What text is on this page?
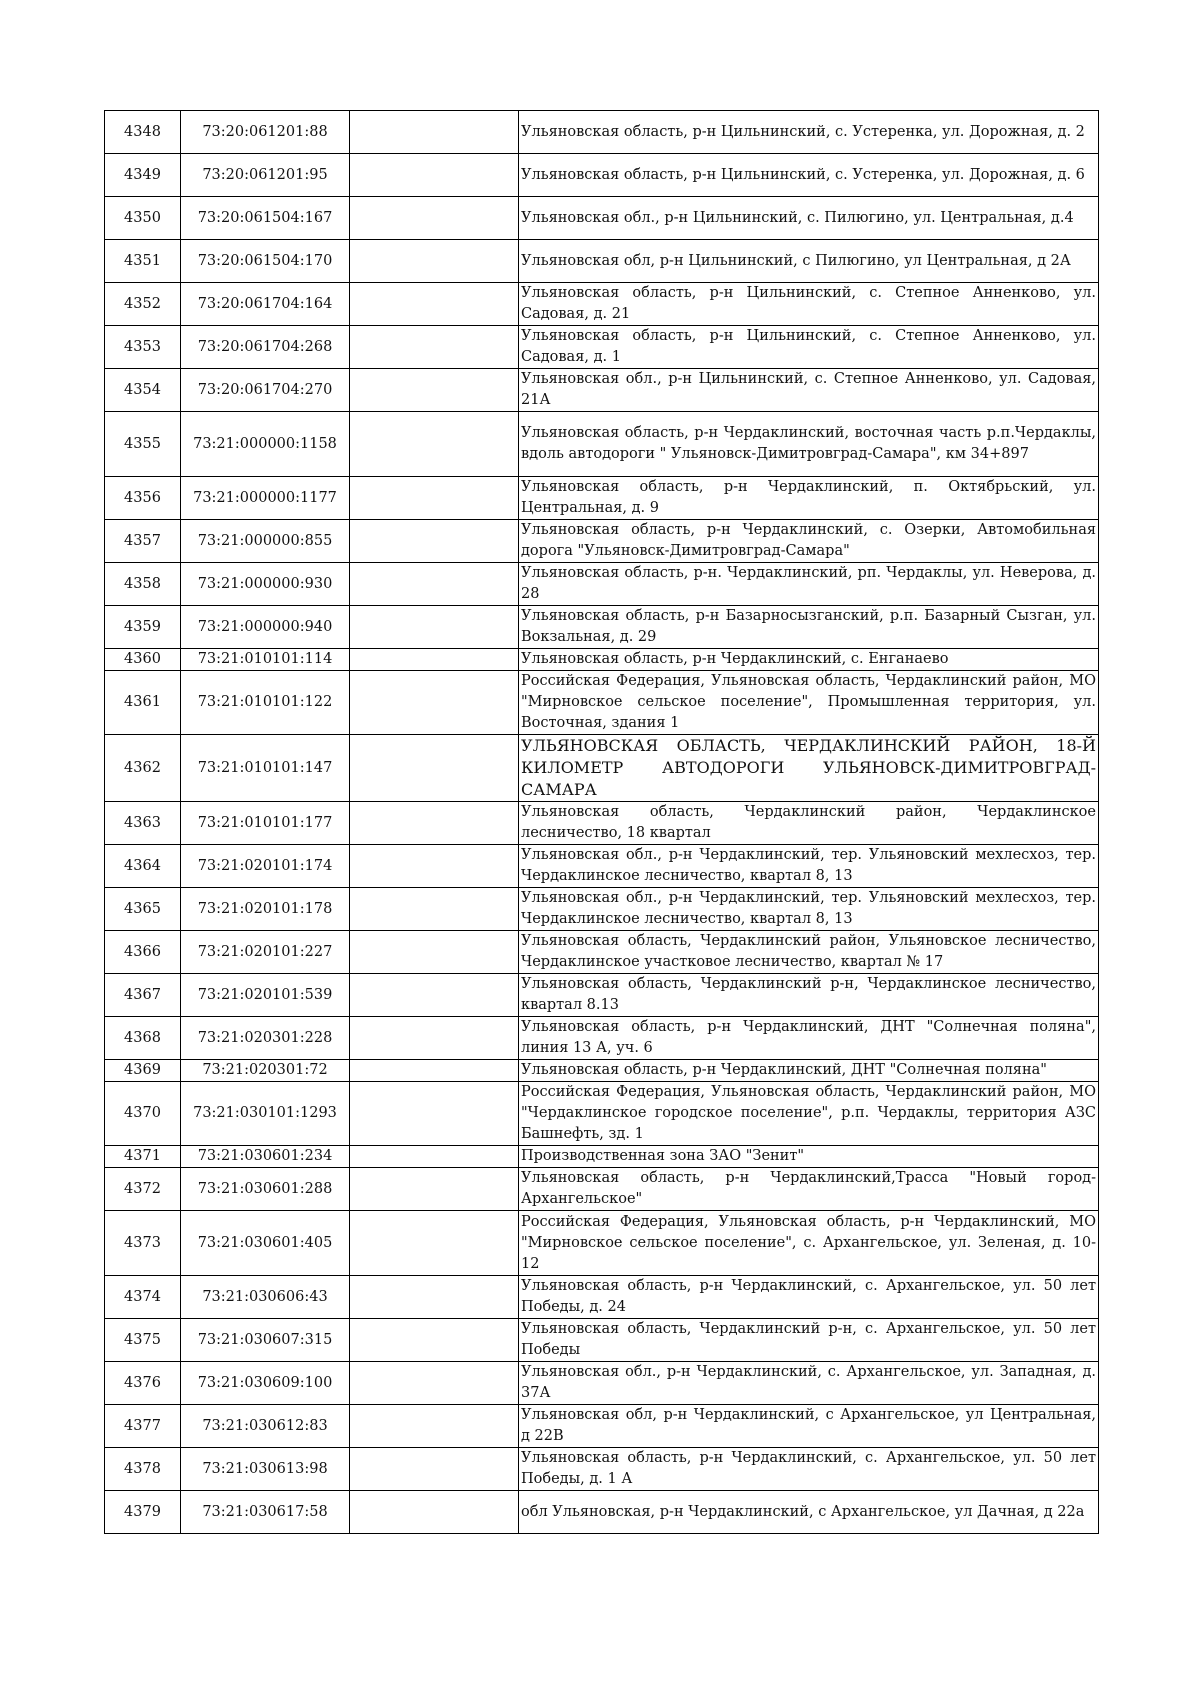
4348	73:20:061201:88		Ульяновская область, р-н Цильнинский, с. Устеренка, ул. Дорожная, д. 2
4349	73:20:061201:95		Ульяновская область, р-н Цильнинский, с. Устеренка, ул. Дорожная, д. 6
4350	73:20:061504:167		Ульяновская обл., р-н Цильнинский, с. Пилюгино, ул. Центральная, д.4
4351	73:20:061504:170		Ульяновская обл, р-н Цильнинский, с Пилюгино, ул Центральная, д 2А
4352	73:20:061704:164		Ульяновская область, р-н Цильнинский, с. Степное Анненково, ул. Садовая, д. 21
4353	73:20:061704:268		Ульяновская область, р-н Цильнинский, с. Степное Анненково, ул. Садовая, д. 1
4354	73:20:061704:270		Ульяновская обл., р-н Цильнинский, с. Степное Анненково, ул. Садовая, 21А
4355	73:21:000000:1158		Ульяновская область, р-н Чердаклинский, восточная часть р.п.Чердаклы, вдоль автодороги " Ульяновск-Димитровград-Самара", км 34+897
4356	73:21:000000:1177		Ульяновская область, р-н Чердаклинский, п. Октябрьский, ул. Центральная, д. 9
4357	73:21:000000:855		Ульяновская область, р-н Чердаклинский, с. Озерки, Автомобильная дорога "Ульяновск-Димитровград-Самара"
4358	73:21:000000:930		Ульяновская область, р-н. Чердаклинский, рп. Чердаклы, ул. Неверова, д. 28
4359	73:21:000000:940		Ульяновская область, р-н Базарносызганский, р.п. Базарный Сызган, ул. Вокзальная, д. 29
4360	73:21:010101:114		Ульяновская область, р-н Чердаклинский, с. Енганаево
4361	73:21:010101:122		Российская Федерация, Ульяновская область, Чердаклинский район, МО "Мирновское сельское поселение", Промышленная территория, ул. Восточная, здания 1
4362	73:21:010101:147		УЛЬЯНОВСКАЯ ОБЛАСТЬ, ЧЕРДАКЛИНСКИЙ РАЙОН, 18-Й КИЛОМЕТР АВТОДОРОГИ УЛЬЯНОВСК-ДИМИТРОВГРАД-САМАРА
4363	73:21:010101:177		Ульяновская область, Чердаклинский район, Чердаклинское лесничество, 18 квартал
4364	73:21:020101:174		Ульяновская обл., р-н Чердаклинский, тер. Ульяновский мехлесхоз, тер. Чердаклинское лесничество, квартал 8, 13
4365	73:21:020101:178		Ульяновская обл., р-н Чердаклинский, тер. Ульяновский мехлесхоз, тер. Чердаклинское лесничество, квартал 8, 13
4366	73:21:020101:227		Ульяновская область, Чердаклинский район, Ульяновское лесничество, Чердаклинское участковое лесничество, квартал № 17
4367	73:21:020101:539		Ульяновская область, Чердаклинский р-н, Чердаклинское лесничество, квартал 8.13
4368	73:21:020301:228		Ульяновская область, р-н Чердаклинский, ДНТ "Солнечная поляна", линия 13 А, уч. 6
4369	73:21:020301:72		Ульяновская область, р-н Чердаклинский, ДНТ "Солнечная поляна"
4370	73:21:030101:1293		Российская Федерация, Ульяновская область, Чердаклинский район, МО "Чердаклинское городское поселение", р.п. Чердаклы, территория АЗС Башнефть, зд. 1
4371	73:21:030601:234		Производственная зона ЗАО "Зенит"
4372	73:21:030601:288		Ульяновская область, р-н Чердаклинский,Трасса "Новый город-Архангельское"
4373	73:21:030601:405		Российская Федерация, Ульяновская область, р-н Чердаклинский, МО "Мирновское сельское поселение", с. Архангельское, ул. Зеленая, д. 10-12
4374	73:21:030606:43		Ульяновская область, р-н Чердаклинский, с. Архангельское, ул. 50 лет Победы, д. 24
4375	73:21:030607:315		Ульяновская область, Чердаклинский р-н, с. Архангельское, ул. 50 лет Победы
4376	73:21:030609:100		Ульяновская обл., р-н Чердаклинский, с. Архангельское, ул. Западная, д. 37А
4377	73:21:030612:83		Ульяновская обл, р-н Чердаклинский, с Архангельское, ул Центральная, д 22В
4378	73:21:030613:98		Ульяновская область, р-н Чердаклинский, с. Архангельское, ул. 50 лет Победы, д. 1 А
4379	73:21:030617:58		обл Ульяновская, р-н Чердаклинский, с Архангельское, ул Дачная, д 22а
